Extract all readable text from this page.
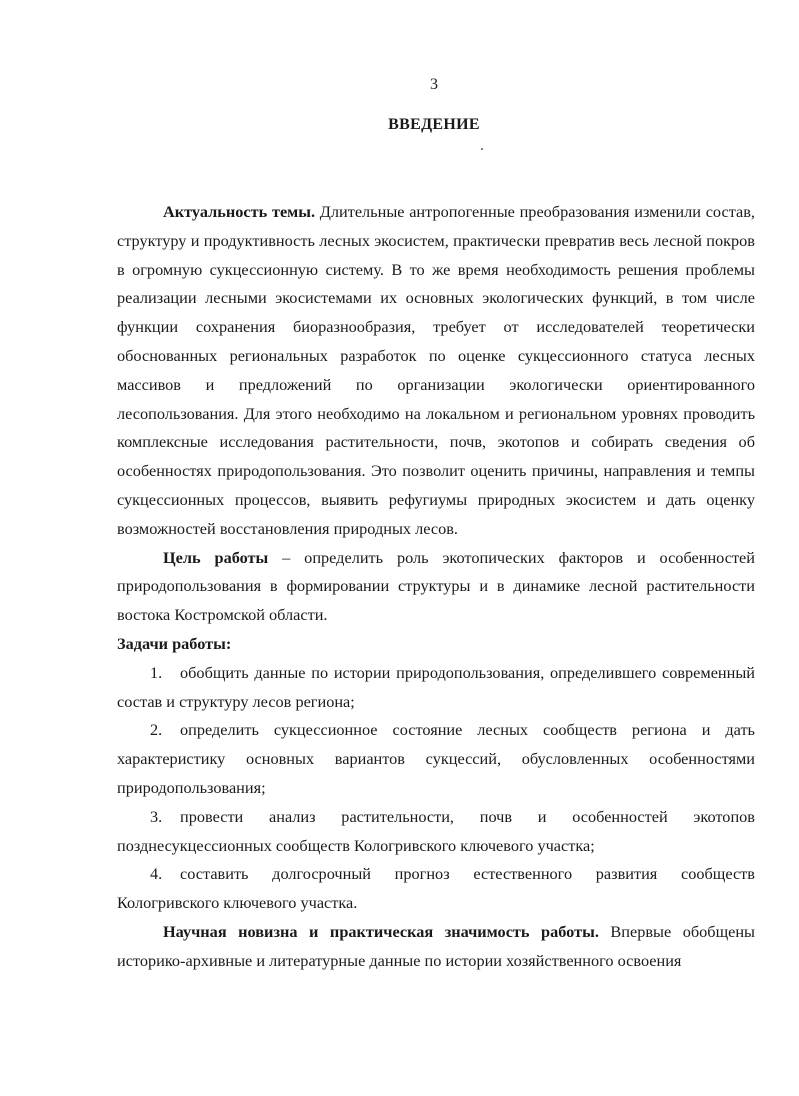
3
ВВЕДЕНИЕ

Актуальность темы. Длительные антропогенные преобразования изменили состав, структуру и продуктивность лесных экосистем, практически превратив весь лесной покров в огромную сукцессионную систему. В то же время необходимость решения проблемы реализации лесными экосистемами их основных экологических функций, в том числе функции сохранения биоразнообразия, требует от исследователей теоретически обоснованных региональных разработок по оценке сукцессионного статуса лесных массивов и предложений по организации экологически ориентированного лесопользования. Для этого необходимо на локальном и региональном уровнях проводить комплексные исследования растительности, почв, экотопов и собирать сведения об особенностях природопользования. Это позволит оценить причины, направления и темпы сукцессионных процессов, выявить рефугиумы природных экосистем и дать оценку возможностей восстановления природных лесов.

Цель работы – определить роль экотопических факторов и особенностей природопользования в формировании структуры и в динамике лесной растительности востока Костромской области.

Задачи работы:

1. обобщить данные по истории природопользования, определившего современный состав и структуру лесов региона;

2. определить сукцессионное состояние лесных сообществ региона и дать характеристику основных вариантов сукцессий, обусловленных особенностями природопользования;

3. провести анализ растительности, почв и особенностей экотопов позднесукцессионных сообществ Кологривского ключевого участка;

4. составить долгосрочный прогноз естественного развития сообществ Кологривского ключевого участка.

Научная новизна и практическая значимость работы. Впервые обобщены историко-архивные и литературные данные по истории хозяйственного освоения
